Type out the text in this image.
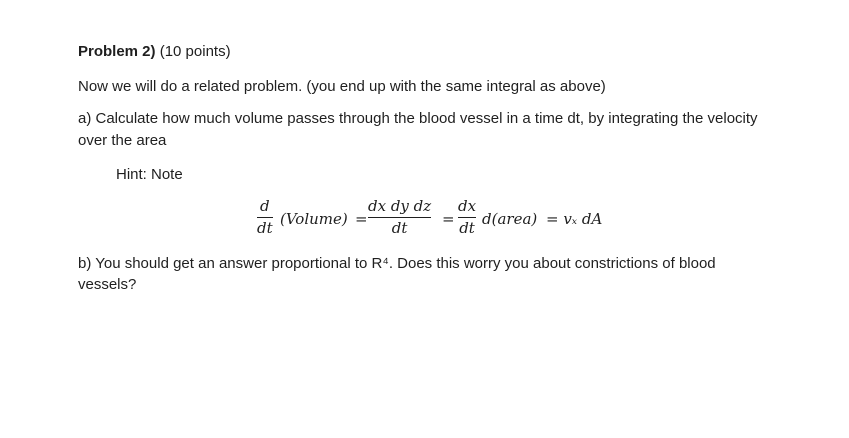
Problem 2) (10 points)
Now we will do a related problem. (you end up with the same integral as above)
a) Calculate how much volume passes through the blood vessel in a time dt, by integrating the velocity
over the area
Hint: Note
d
dt (Volume) =
dx dy dz
dt =
dx
dt d(area) = vₓ dA
b) You should get an answer proportional to R⁴. Does this worry you about constrictions of blood
vessels?
